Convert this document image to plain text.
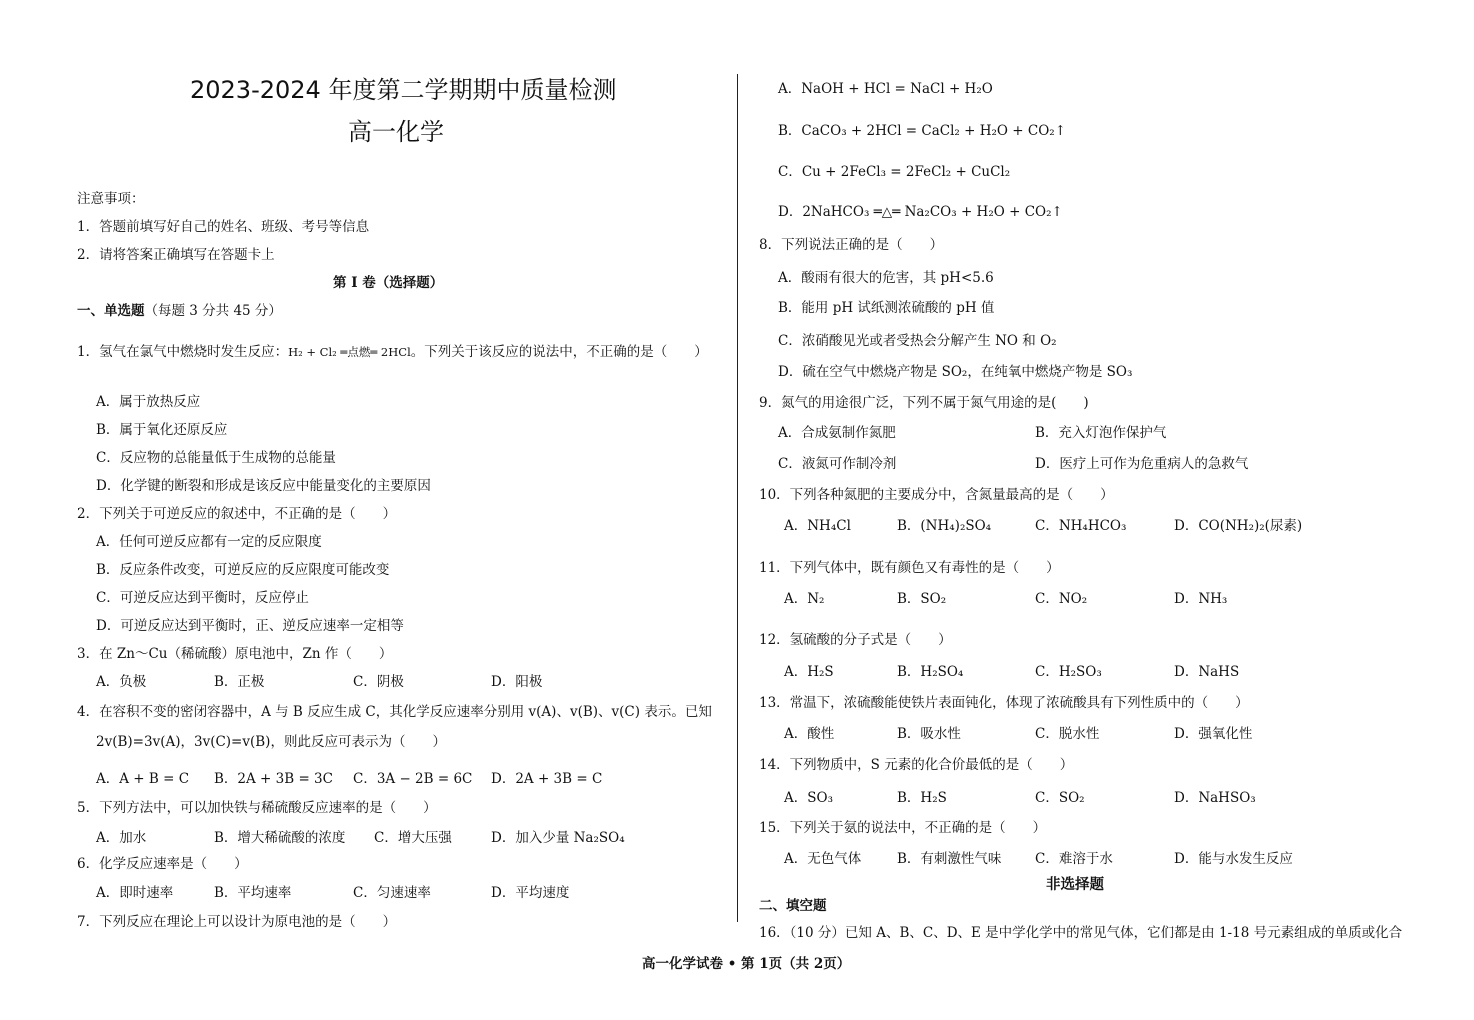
2023-2024 年度第二学期期中质量检测
高一化学
注意事项：
1．答题前填写好自己的姓名、班级、考号等信息
2．请将答案正确填写在答题卡上
第 I 卷（选择题）
一、单选题（每题 3 分共 45 分）
1．氢气在氯气中燃烧时发生反应：H₂ + Cl₂ ═点燃═ 2HCl。下列关于该反应的说法中，不正确的是（　　）
A．属于放热反应
B．属于氧化还原反应
C．反应物的总能量低于生成物的总能量
D．化学键的断裂和形成是该反应中能量变化的主要原因
2．下列关于可逆反应的叙述中，不正确的是（　　）
A．任何可逆反应都有一定的反应限度
B．反应条件改变，可逆反应的反应限度可能改变
C．可逆反应达到平衡时，反应停止
D．可逆反应达到平衡时，正、逆反应速率一定相等
3．在 Zn～Cu（稀硫酸）原电池中，Zn 作（　　）
A．负极	B．正极	C．阴极	D．阳极
4．在容积不变的密闭容器中，A 与 B 反应生成 C，其化学反应速率分别用 v(A)、v(B)、v(C) 表示。已知
2v(B)=3v(A)，3v(C)=v(B)，则此反应可表示为（　　）
A．A + B = C B．2A + 3B = 3C C．3A − 2B = 6C D．2A + 3B = C
5．下列方法中，可以加快铁与稀硫酸反应速率的是（　　）
A．加水	B．增大稀硫酸的浓度 C．增大压强	D．加入少量 Na₂SO₄
6．化学反应速率是（　　）
A．即时速率	B．平均速率	C．匀速速率	D．平均速度
7．下列反应在理论上可以设计为原电池的是（　　）
A．NaOH + HCl = NaCl + H₂O
B．CaCO₃ + 2HCl = CaCl₂ + H₂O + CO₂↑
C．Cu + 2FeCl₃ = 2FeCl₂ + CuCl₂
D．2NaHCO₃ ═△═ Na₂CO₃ + H₂O + CO₂↑
8．下列说法正确的是（　　）
A．酸雨有很大的危害，其 pH<5.6
B．能用 pH 试纸测浓硫酸的 pH 值
C．浓硝酸见光或者受热会分解产生 NO 和 O₂
D．硫在空气中燃烧产物是 SO₂，在纯氧中燃烧产物是 SO₃
9．氮气的用途很广泛，下列不属于氮气用途的是(　　)
A．合成氨制作氮肥	B．充入灯泡作保护气
C．液氮可作制冷剂	D．医疗上可作为危重病人的急救气
10．下列各种氮肥的主要成分中，含氮量最高的是（　　）
A．NH₄Cl	B．(NH₄)₂SO₄	C．NH₄HCO₃	D．CO(NH₂)₂(尿素)
11．下列气体中，既有颜色又有毒性的是（　　）
A．N₂	B．SO₂	C．NO₂	D．NH₃
12．氢硫酸的分子式是（　　）
A．H₂S	B．H₂SO₄	C．H₂SO₃	D．NaHS
13．常温下，浓硫酸能使铁片表面钝化，体现了浓硫酸具有下列性质中的（　　）
A．酸性	B．吸水性	C．脱水性	D．强氧化性
14．下列物质中，S 元素的化合价最低的是（　　）
A．SO₃	B．H₂S	C．SO₂	D．NaHSO₃
15．下列关于氨的说法中，不正确的是（　　）
A．无色气体	B．有刺激性气味 C．难溶于水	D．能与水发生反应
非选择题
二、填空题
16．（10 分）已知 A、B、C、D、E 是中学化学中的常见气体，它们都是由 1-18 号元素组成的单质或化合
高一化学试卷 • 第 1页（共 2页）
